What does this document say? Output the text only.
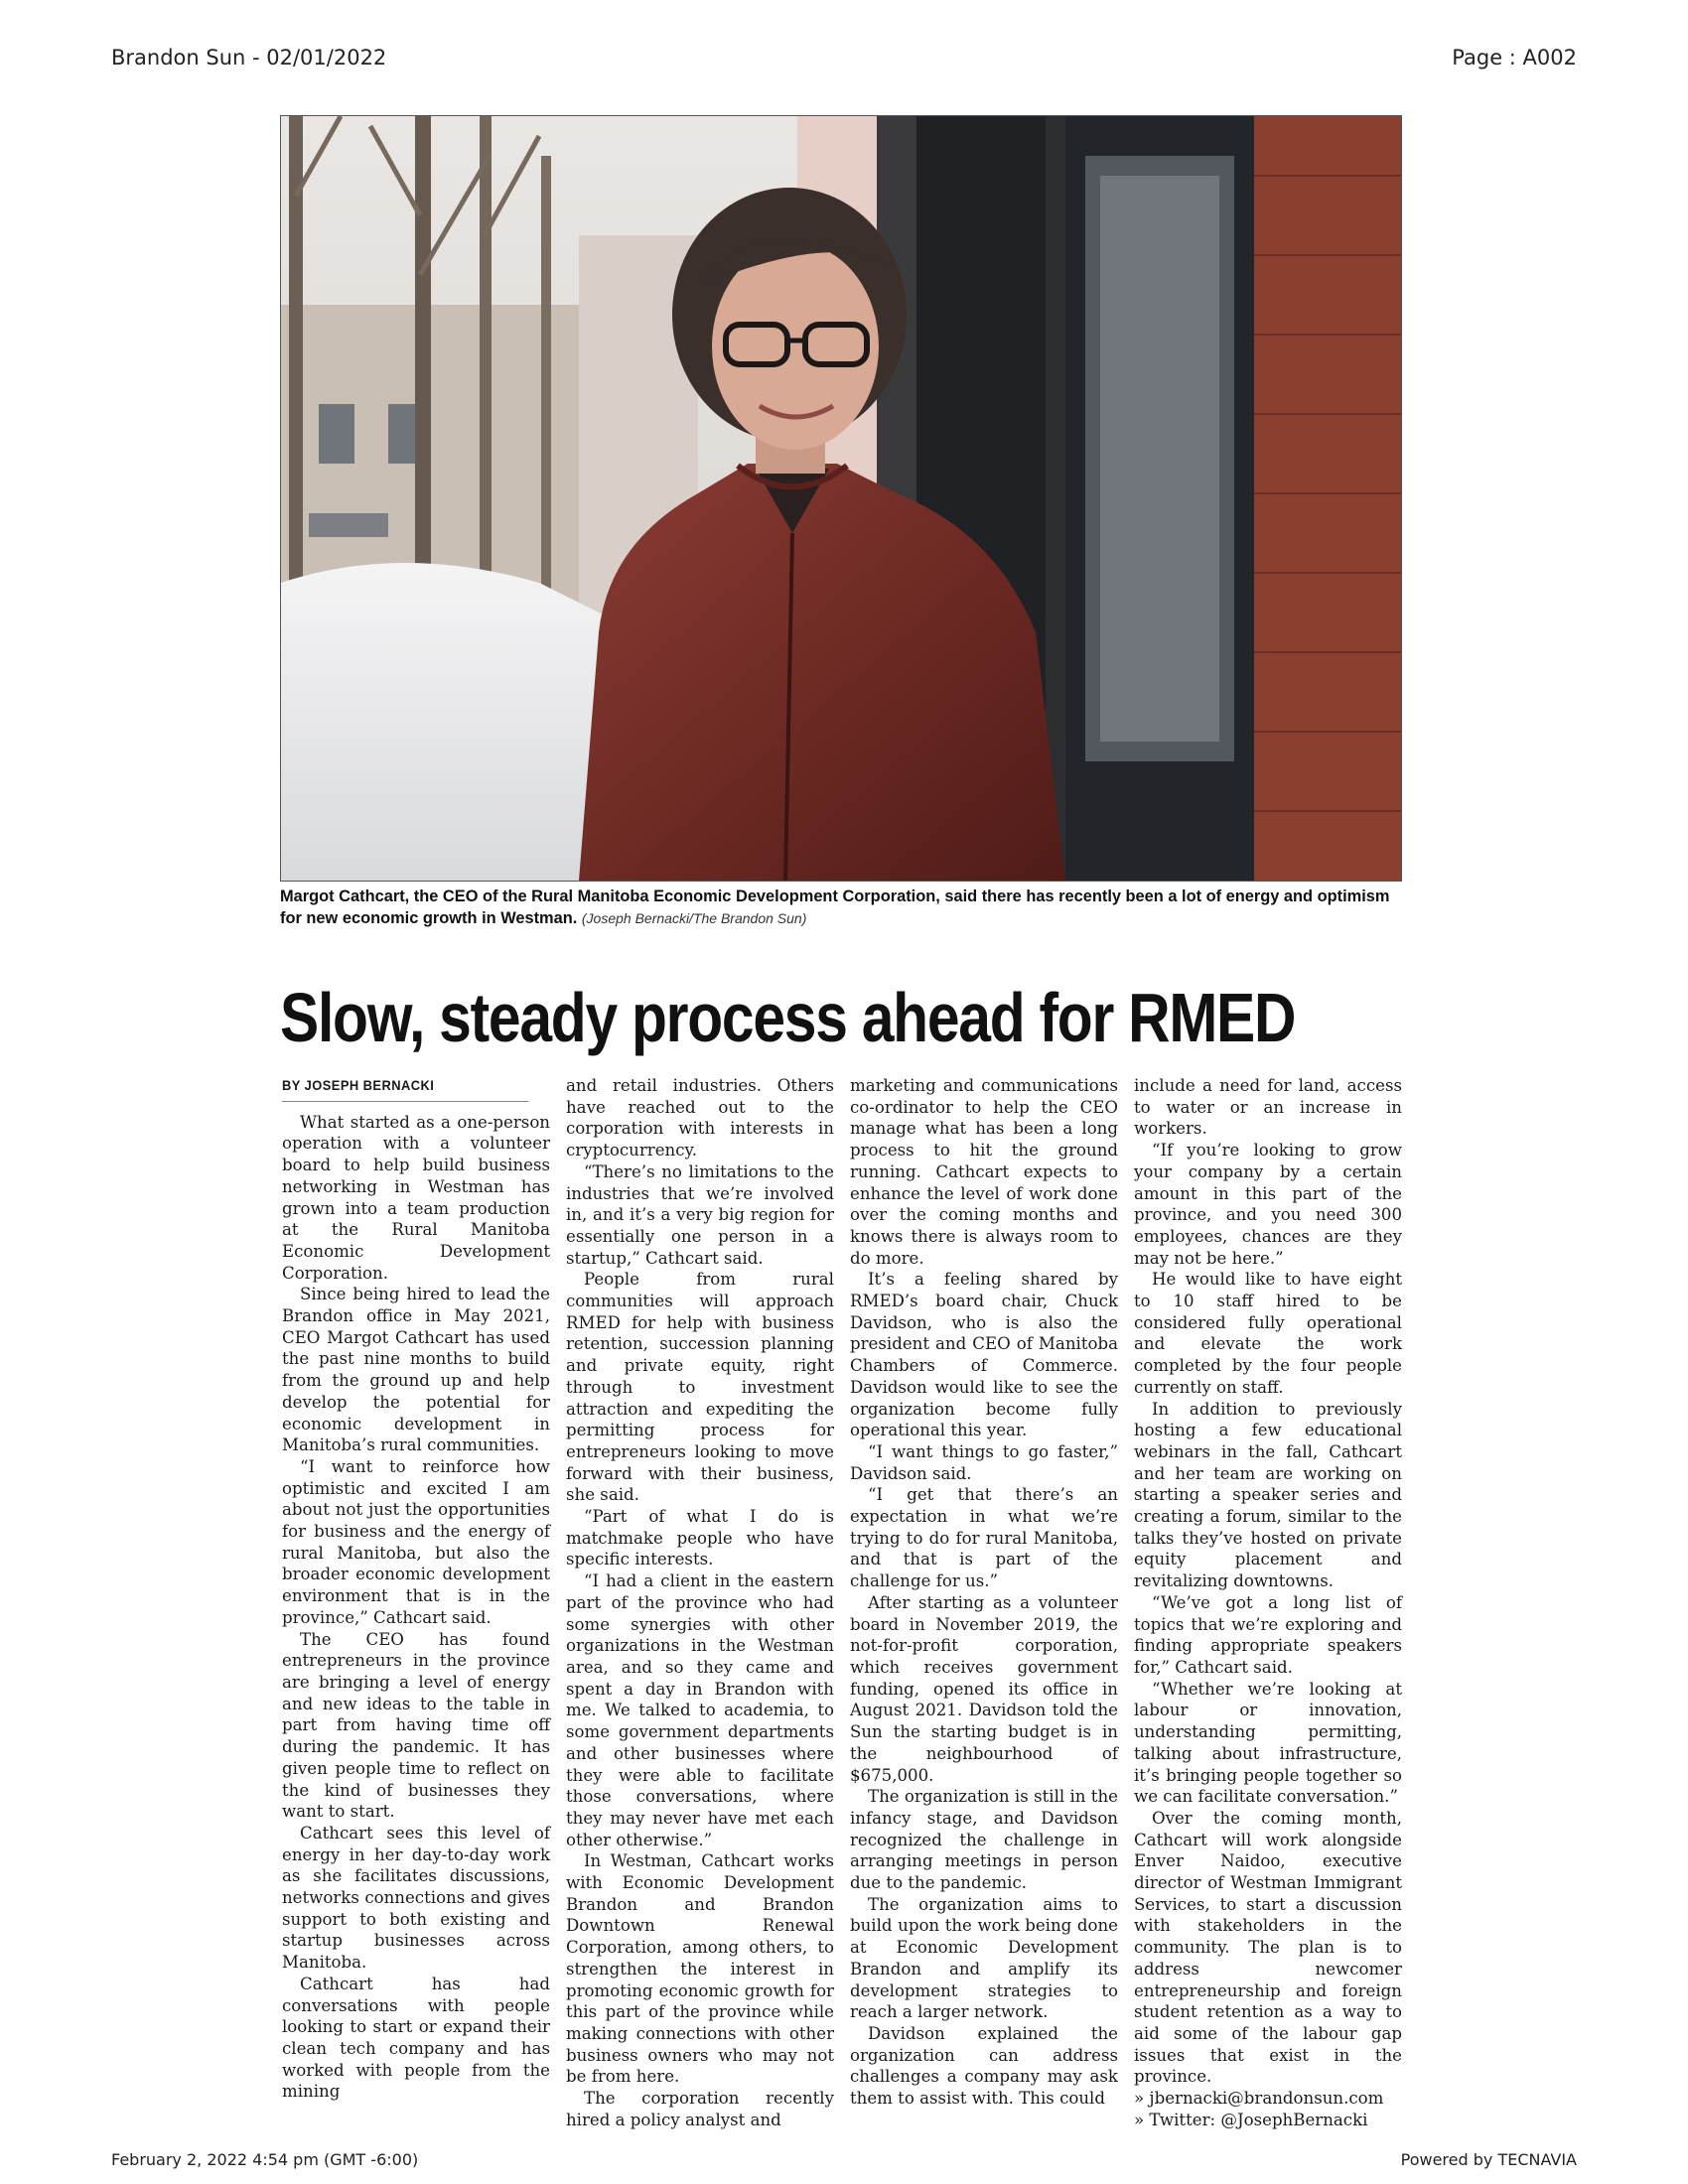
Brandon Sun - 02/01/2022	Page : A002
Margot Cathcart, the CEO of the Rural Manitoba Economic Development Corporation, said there has recently been a lot of energy and optimism for new economic growth in Westman. (Joseph Bernacki/The Brandon Sun)
Slow, steady process ahead for RMED
BY JOSEPH BERNACKI

What started as a one-person operation with a volunteer board to help build business networking in Westman has grown into a team production at the Rural Manitoba Economic Development Corporation.

Since being hired to lead the Brandon office in May 2021, CEO Margot Cathcart has used the past nine months to build from the ground up and help develop the potential for economic development in Manitoba’s rural communities.

“I want to reinforce how optimistic and excited I am about not just the opportunities for business and the energy of rural Manitoba, but also the broader economic development environment that is in the province,” Cathcart said.

The CEO has found entrepreneurs in the province are bringing a level of energy and new ideas to the table in part from having time off during the pandemic. It has given people time to reflect on the kind of businesses they want to start.

Cathcart sees this level of energy in her day-to-day work as she facilitates discussions, networks connections and gives support to both existing and startup businesses across Manitoba.

Cathcart has had conversations with people looking to start or expand their clean tech company and has worked with people from the mining

and retail industries. Others have reached out to the corporation with interests in cryptocurrency.

“There’s no limitations to the industries that we’re involved in, and it’s a very big region for essentially one person in a startup,” Cathcart said.

People from rural communities will approach RMED for help with business retention, succession planning and private equity, right through to investment attraction and expediting the permitting process for entrepreneurs looking to move forward with their business, she said.

“Part of what I do is matchmake people who have specific interests.

“I had a client in the eastern part of the province who had some synergies with other organizations in the Westman area, and so they came and spent a day in Brandon with me. We talked to academia, to some government departments and other businesses where they were able to facilitate those conversations, where they may never have met each other otherwise.”

In Westman, Cathcart works with Economic Development Brandon and Brandon Downtown Renewal Corporation, among others, to strengthen the interest in promoting economic growth for this part of the province while making connections with other business owners who may not be from here.

The corporation recently hired a policy analyst and

marketing and communications co-ordinator to help the CEO manage what has been a long process to hit the ground running. Cathcart expects to enhance the level of work done over the coming months and knows there is always room to do more.

It’s a feeling shared by RMED’s board chair, Chuck Davidson, who is also the president and CEO of Manitoba Chambers of Commerce. Davidson would like to see the organization become fully operational this year.

“I want things to go faster,” Davidson said.

“I get that there’s an expectation in what we’re trying to do for rural Manitoba, and that is part of the challenge for us.”

After starting as a volunteer board in November 2019, the not-for-profit corporation, which receives government funding, opened its office in August 2021. Davidson told the Sun the starting budget is in the neighbourhood of $675,000.

The organization is still in the infancy stage, and Davidson recognized the challenge in arranging meetings in person due to the pandemic.

The organization aims to build upon the work being done at Economic Development Brandon and amplify its development strategies to reach a larger network.

Davidson explained the organization can address challenges a company may ask them to assist with. This could

include a need for land, access to water or an increase in workers.

“If you’re looking to grow your company by a certain amount in this part of the province, and you need 300 employees, chances are they may not be here.”

He would like to have eight to 10 staff hired to be considered fully operational and elevate the work completed by the four people currently on staff.

In addition to previously hosting a few educational webinars in the fall, Cathcart and her team are working on starting a speaker series and creating a forum, similar to the talks they’ve hosted on private equity placement and revitalizing downtowns.

“We’ve got a long list of topics that we’re exploring and finding appropriate speakers for,” Cathcart said.

“Whether we’re looking at labour or innovation, understanding permitting, talking about infrastructure, it’s bringing people together so we can facilitate conversation.”

Over the coming month, Cathcart will work alongside Enver Naidoo, executive director of Westman Immigrant Services, to start a discussion with stakeholders in the community. The plan is to address newcomer entrepreneurship and foreign student retention as a way to aid some of the labour gap issues that exist in the province.

» jbernacki@brandonsun.com

» Twitter: @JosephBernacki

February 2, 2022 4:54 pm (GMT -6:00)	Powered by TECNAVIA
